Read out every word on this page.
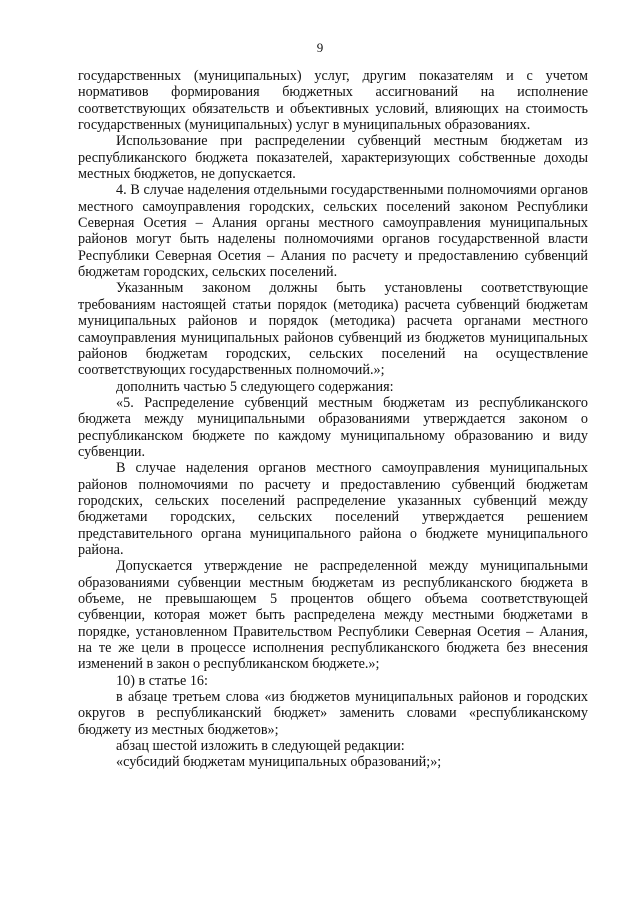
9

государственных (муниципальных) услуг, другим показателям и с учетом нормативов формирования бюджетных ассигнований на исполнение соответствующих обязательств и объективных условий, влияющих на стоимость государственных (муниципальных) услуг в муниципальных образованиях.

Использование при распределении субвенций местным бюджетам из республиканского бюджета показателей, характеризующих собственные доходы местных бюджетов, не допускается.

4. В случае наделения отдельными государственными полномочиями органов местного самоуправления городских, сельских поселений законом Республики Северная Осетия – Алания органы местного самоуправления муниципальных районов могут быть наделены полномочиями органов государственной власти Республики Северная Осетия – Алания по расчету и предоставлению субвенций бюджетам городских, сельских поселений.

Указанным законом должны быть установлены соответствующие требованиям настоящей статьи порядок (методика) расчета субвенций бюджетам муниципальных районов и порядок (методика) расчета органами местного самоуправления муниципальных районов субвенций из бюджетов муниципальных районов бюджетам городских, сельских поселений на осуществление соответствующих государственных полномочий.»;

дополнить частью 5 следующего содержания:

«5. Распределение субвенций местным бюджетам из республиканского бюджета между муниципальными образованиями утверждается законом о республиканском бюджете по каждому муниципальному образованию и виду субвенции.

В случае наделения органов местного самоуправления муниципальных районов полномочиями по расчету и предоставлению субвенций бюджетам городских, сельских поселений распределение указанных субвенций между бюджетами городских, сельских поселений утверждается решением представительного органа муниципального района о бюджете муниципального района.

Допускается утверждение не распределенной между муниципальными образованиями субвенции местным бюджетам из республиканского бюджета в объеме, не превышающем 5 процентов общего объема соответствующей субвенции, которая может быть распределена между местными бюджетами в порядке, установленном Правительством Республики Северная Осетия – Алания, на те же цели в процессе исполнения республиканского бюджета без внесения изменений в закон о республиканском бюджете.»;

10) в статье 16:

в абзаце третьем слова «из бюджетов муниципальных районов и городских округов в республиканский бюджет» заменить словами «республиканскому бюджету из местных бюджетов»;

абзац шестой изложить в следующей редакции:

«субсидий бюджетам муниципальных образований;»;
